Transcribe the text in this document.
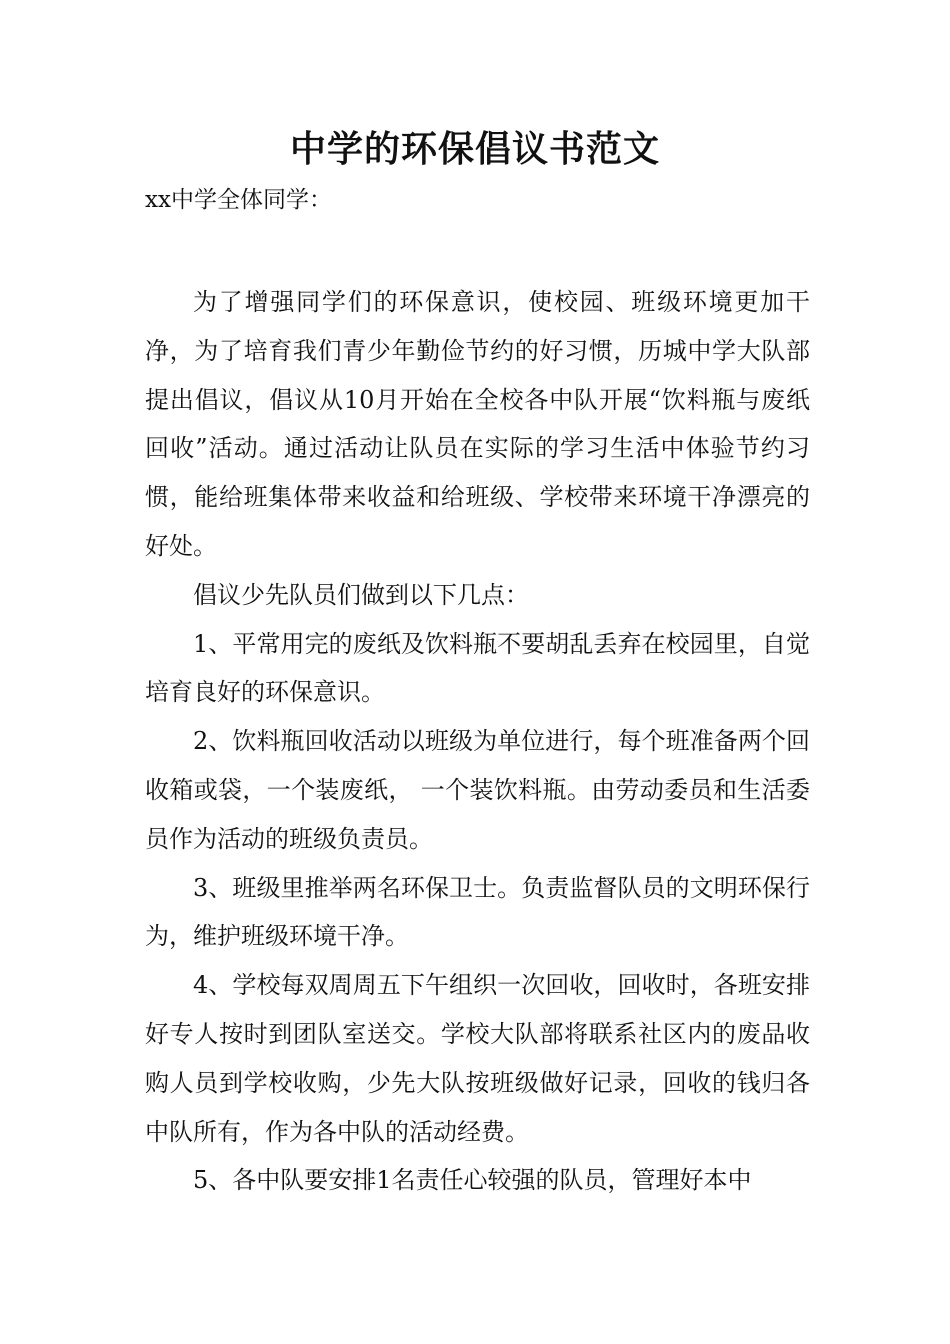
中学的环保倡议书范文
xx中学全体同学：

为了增强同学们的环保意识，使校园、班级环境更加干净，为了培育我们青少年勤俭节约的好习惯，历城中学大队部提出倡议，倡议从10月开始在全校各中队开展“饮料瓶与废纸回收”活动。通过活动让队员在实际的学习生活中体验节约习惯，能给班集体带来收益和给班级、学校带来环境干净漂亮的好处。

倡议少先队员们做到以下几点：

1、平常用完的废纸及饮料瓶不要胡乱丢弃在校园里，自觉培育良好的环保意识。

2、饮料瓶回收活动以班级为单位进行，每个班准备两个回收箱或袋，一个装废纸， 一个装饮料瓶。由劳动委员和生活委员作为活动的班级负责员。

3、班级里推举两名环保卫士。负责监督队员的文明环保行为，维护班级环境干净。

4、学校每双周周五下午组织一次回收，回收时，各班安排好专人按时到团队室送交。学校大队部将联系社区内的废品收购人员到学校收购，少先大队按班级做好记录，回收的钱归各中队所有，作为各中队的活动经费。

5、各中队要安排1名责任心较强的队员，管理好本中
